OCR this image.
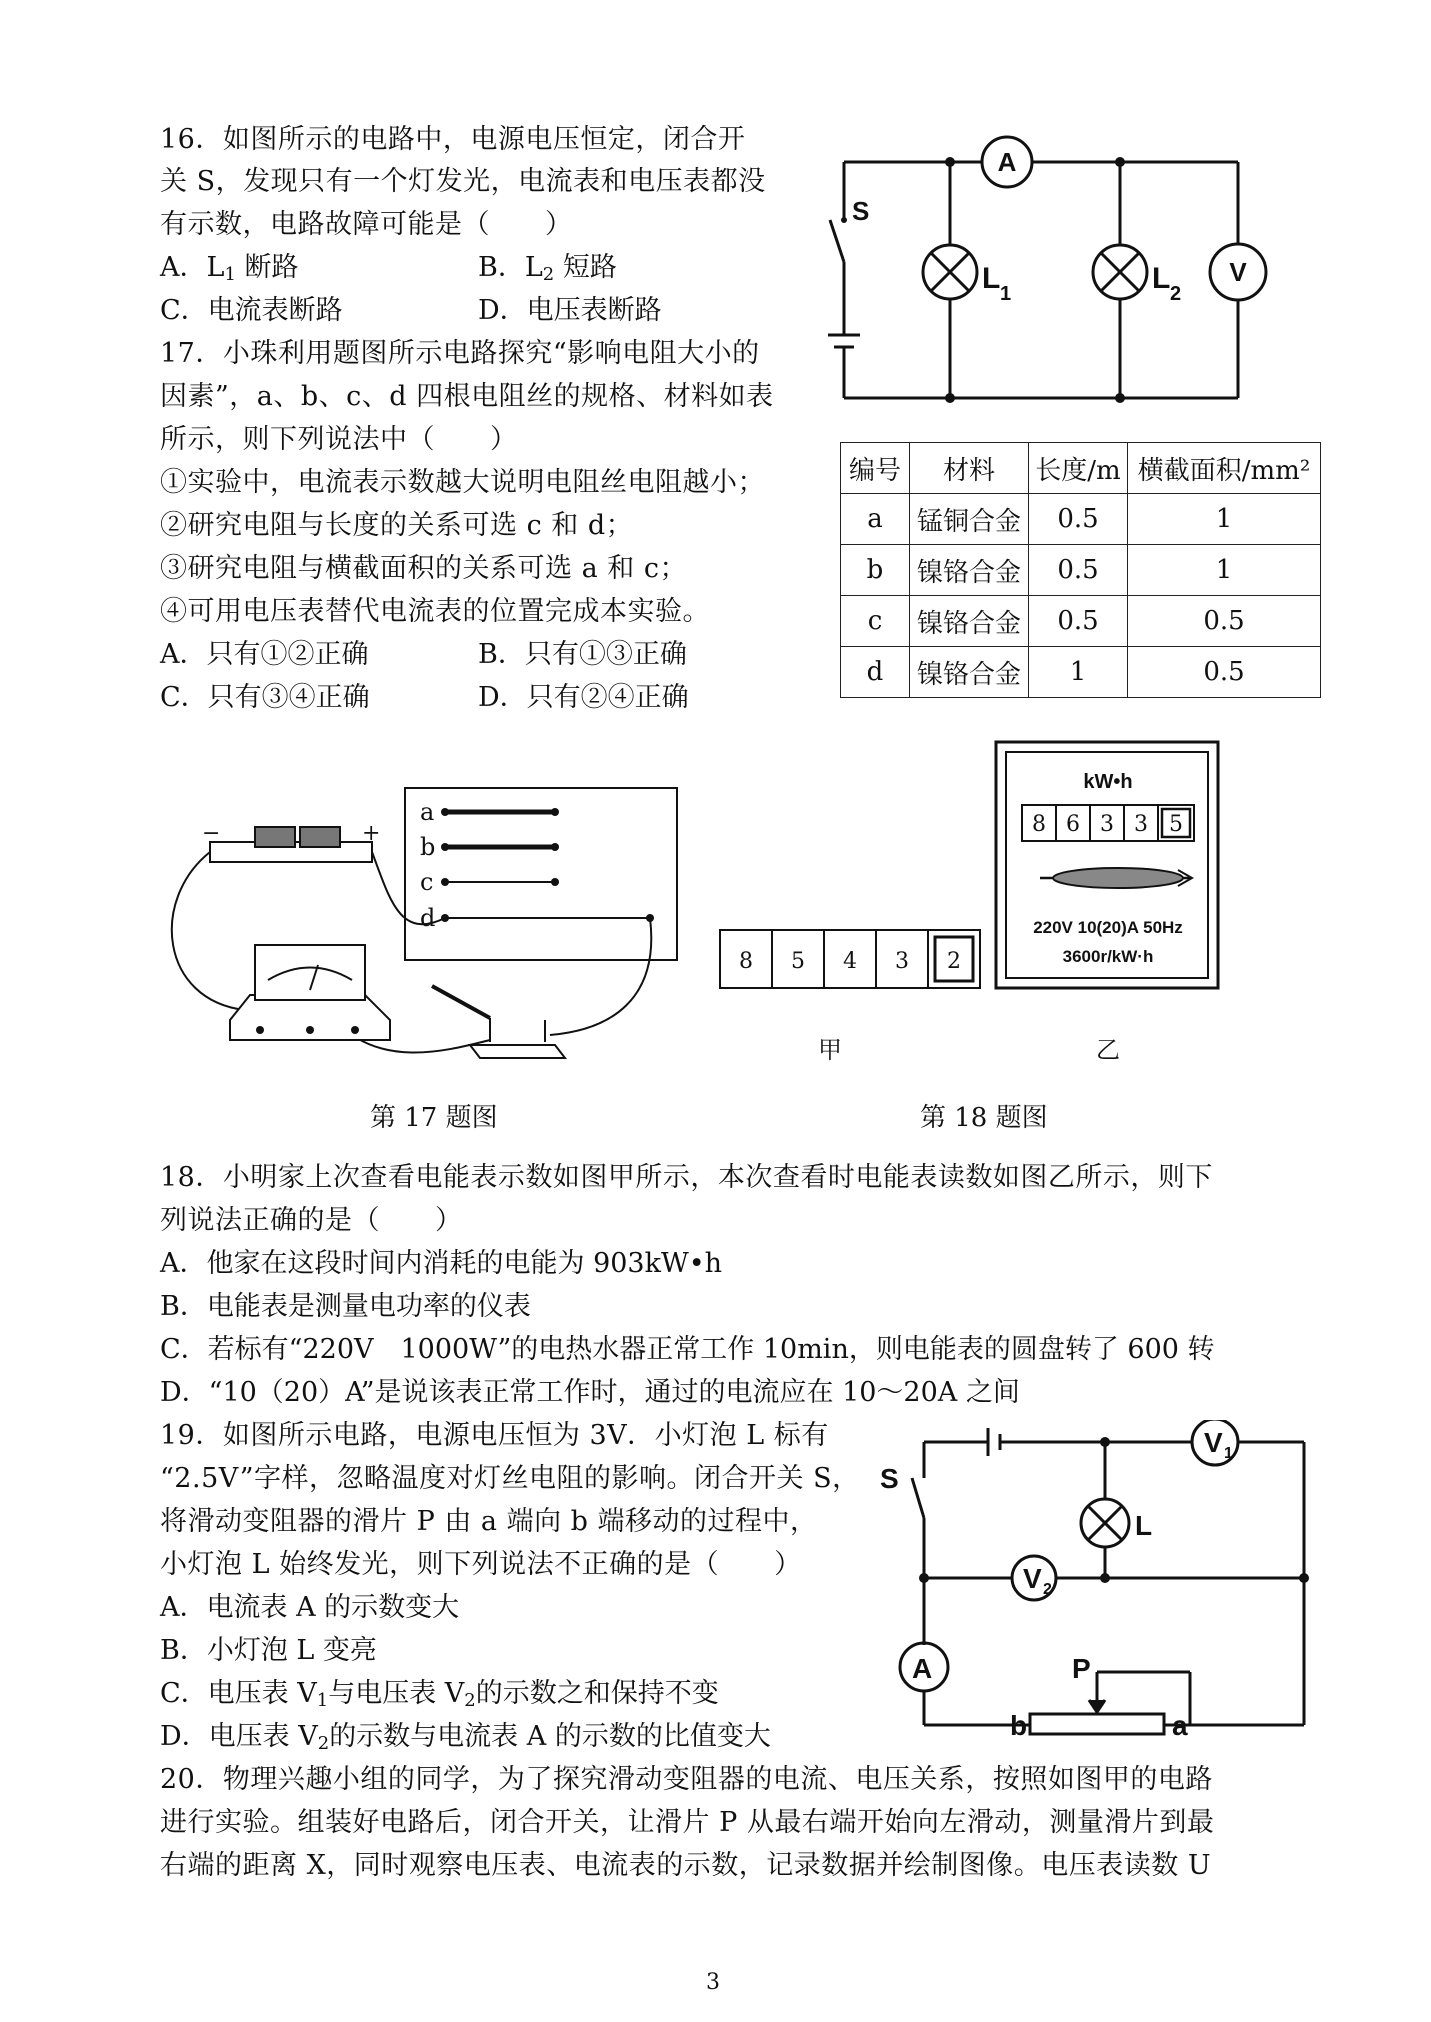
16．如图所示的电路中，电源电压恒定，闭合开
关 S，发现只有一个灯发光，电流表和电压表都没
有示数，电路故障可能是（　　）
A．$L_1$ 断路	B．$L_2$ 短路
C．电流表断路	D．电压表断路
A
V
S
L 1	L 2
17．小珠利用题图所示电路探究“影响电阻大小的
因素”，a、b、c、d 四根电阻丝的规格、材料如表
所示，则下列说法中（　　）
①实验中，电流表示数越大说明电阻丝电阻越小；
②研究电阻与长度的关系可选 c 和 d；
③研究电阻与横截面积的关系可选 a 和 c；
④可用电压表替代电流表的位置完成本实验。
A．只有①②正确	B．只有①③正确
C．只有③④正确	D．只有②④正确
编号	材料	长度/m	横截面积/mm²
a	锰铜合金	0.5	1
b	镍铬合金	0.5	1
c	镍铬合金	0.5	0.5
d	镍铬合金	1	0.5
a
b
c
d
−	+
8 5 4 3 2
8 6 3 3 5
kW•h
220V 10(20)A 50Hz
3600r/kW·h
甲	乙
第 17 题图	第 18 题图
18．小明家上次查看电能表示数如图甲所示，本次查看时电能表读数如图乙所示，则下
列说法正确的是（　　）
A．他家在这段时间内消耗的电能为 903kW•h
B．电能表是测量电功率的仪表
C．若标有“220V　1000W”的电热水器正常工作 10min，则电能表的圆盘转了 600 转
D．“10（20）A”是说该表正常工作时，通过的电流应在 10～20A 之间
19．如图所示电路，电源电压恒为 3V．小灯泡 L 标有
“2.5V”字样，忽略温度对灯丝电阻的影响。闭合开关 S，
将滑动变阻器的滑片 P 由 a 端向 b 端移动的过程中，
小灯泡 L 始终发光，则下列说法不正确的是（　　）
A．电流表 A 的示数变大
B．小灯泡 L 变亮
C．电压表 $V_1$与电压表 $V_2$的示数之和保持不变
D．电压表 $V_2$的示数与电流表 A 的示数的比值变大
S
V 1
V 2
A
L
P
a
b
20．物理兴趣小组的同学，为了探究滑动变阻器的电流、电压关系，按照如图甲的电路
进行实验。组装好电路后，闭合开关，让滑片 P 从最右端开始向左滑动，测量滑片到最
右端的距离 X，同时观察电压表、电流表的示数，记录数据并绘制图像。电压表读数 U
3
